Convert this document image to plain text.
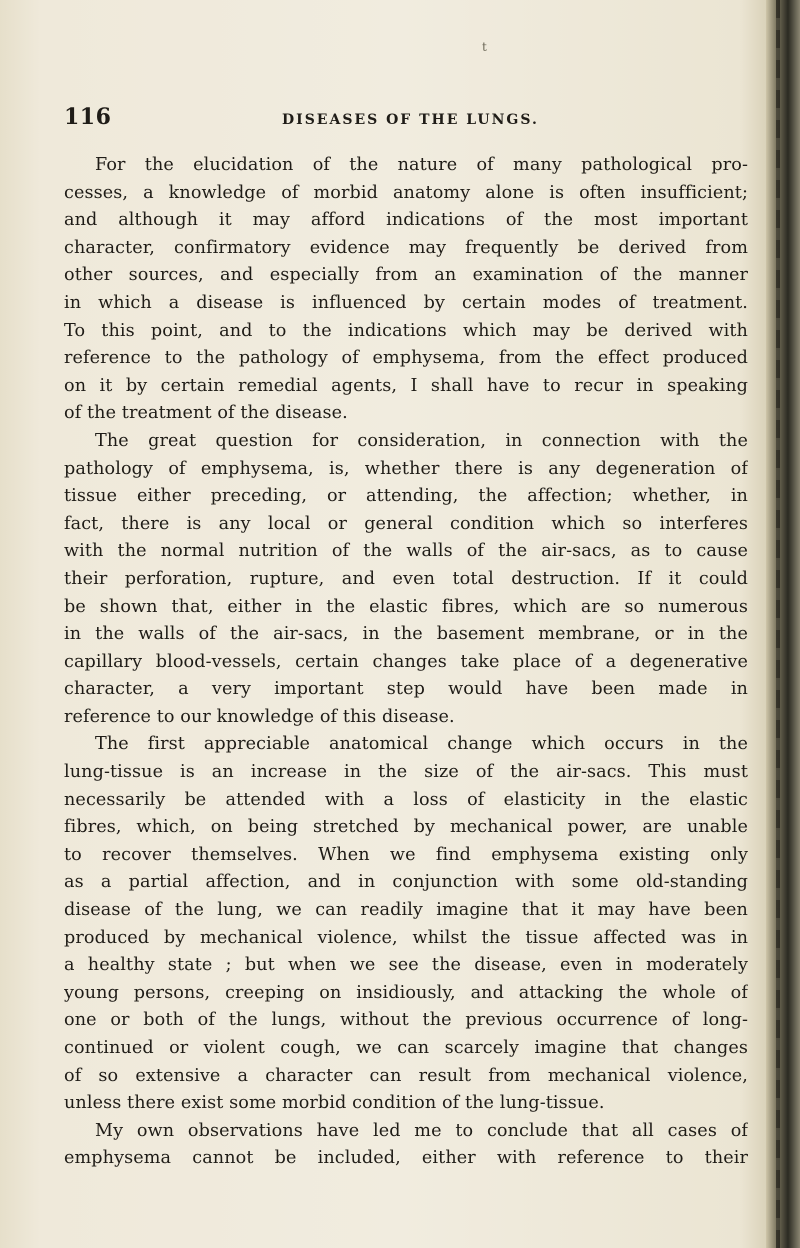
t
116	DISEASES OF THE LUNGS.
For the elucidation of the nature of many pathological pro-
cesses, a knowledge of morbid anatomy alone is often insufficient;
and although it may afford indications of the most important
character, confirmatory evidence may frequently be derived from
other sources, and especially from an examination of the manner
in which a disease is influenced by certain modes of treatment.
To this point, and to the indications which may be derived with
reference to the pathology of emphysema, from the effect produced
on it by certain remedial agents, I shall have to recur in speaking
of the treatment of the disease.
The great question for consideration, in connection with the
pathology of emphysema, is, whether there is any degeneration of
tissue either preceding, or attending, the affection; whether, in
fact, there is any local or general condition which so interferes
with the normal nutrition of the walls of the air-sacs, as to cause
their perforation, rupture, and even total destruction. If it could
be shown that, either in the elastic fibres, which are so numerous
in the walls of the air-sacs, in the basement membrane, or in the
capillary blood-vessels, certain changes take place of a degenerative
character, a very important step would have been made in
reference to our knowledge of this disease.
The first appreciable anatomical change which occurs in the
lung-tissue is an increase in the size of the air-sacs. This must
necessarily be attended with a loss of elasticity in the elastic
fibres, which, on being stretched by mechanical power, are unable
to recover themselves. When we find emphysema existing only
as a partial affection, and in conjunction with some old-standing
disease of the lung, we can readily imagine that it may have been
produced by mechanical violence, whilst the tissue affected was in
a healthy state ; but when we see the disease, even in moderately
young persons, creeping on insidiously, and attacking the whole of
one or both of the lungs, without the previous occurrence of long-
continued or violent cough, we can scarcely imagine that changes
of so extensive a character can result from mechanical violence,
unless there exist some morbid condition of the lung-tissue.
My own observations have led me to conclude that all cases of
emphysema cannot be included, either with reference to their
